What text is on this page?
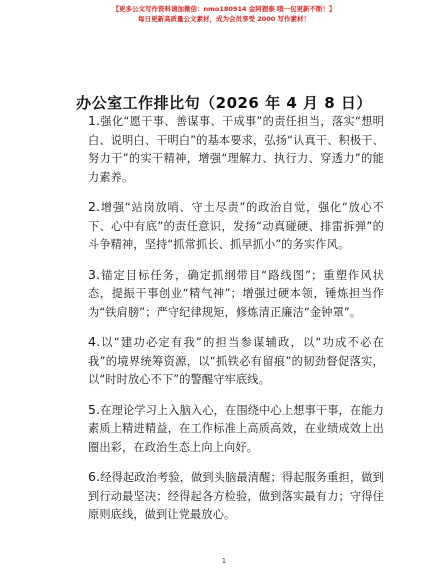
【更多公文写作资料请加微信：nmo180914 金阿狸泰 哦一包更新不断！】
每日更新高质量公文素材，成为会员享受 2000 写作素材！
办公室工作排比句（2026 年 4 月 8 日）

1.强化“愿干事、善谋事、干成事”的责任担当，落实“想明白、说明白、干明白”的基本要求，弘扬“认真干、积极干、努力干”的实干精神，增强“理解力、执行力、穿透力”的能力素养。

2.增强“站岗放哨、守土尽责”的政治自觉，强化“放心不下、心中有底”的责任意识，发扬“动真碰硬、排雷拆弹”的斗争精神，坚持“抓常抓长、抓早抓小”的务实作风。

3.锚定目标任务，确定抓纲带目“路线图”；重塑作风状态，提振干事创业“精气神”；增强过硬本领，锤炼担当作为“铁肩膀”；严守纪律规矩，修炼清正廉洁“金钟罩”。

4.以“建功必定有我”的担当参谋辅政，以“功成不必在我”的境界统筹资源，以“抓铁必有留痕”的韧劲督促落实，以“时时放心不下”的警醒守牢底线。

5.在理论学习上入脑入心，在围绕中心上想事干事，在能力素质上精进精益，在工作标准上高质高效，在业绩成效上出圈出彩，在政治生态上向上向好。

6.经得起政治考验，做到头脑最清醒；得起服务重担，做到到行动最坚决；经得起各方检验，做到落实最有力；守得住原则底线，做到让党最放心。

1
